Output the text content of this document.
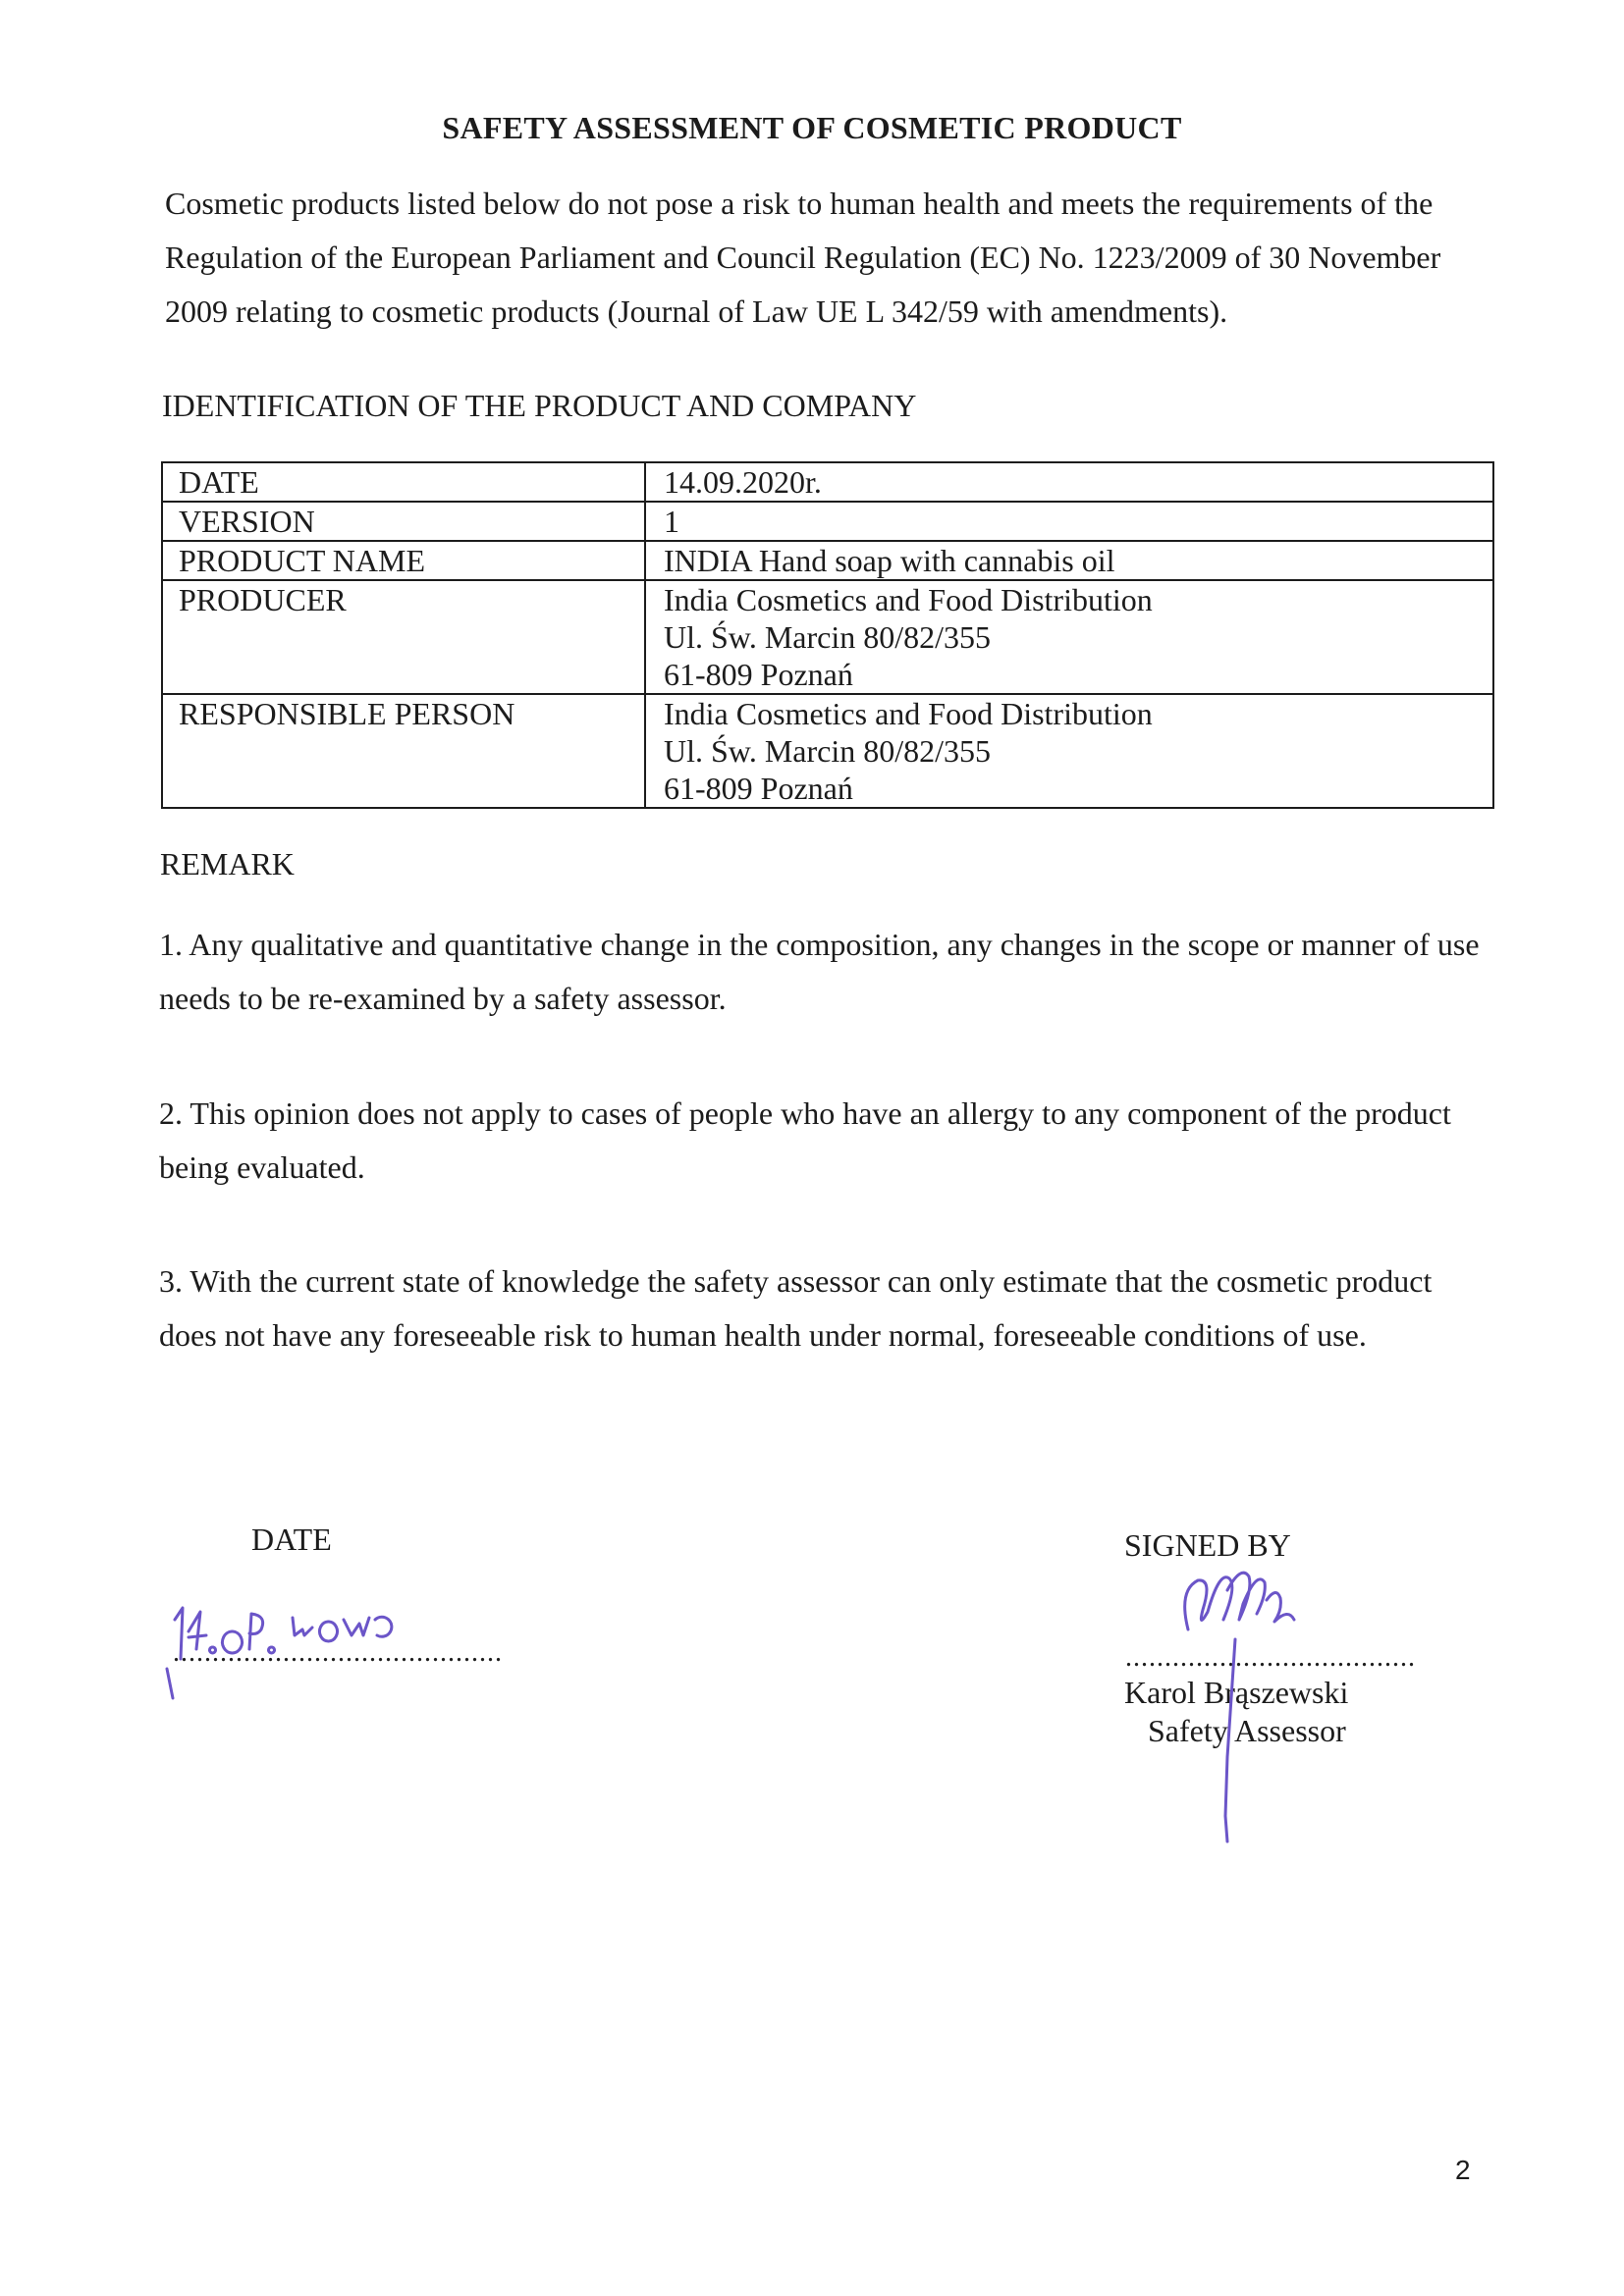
SAFETY ASSESSMENT OF COSMETIC PRODUCT

Cosmetic products listed below do not pose a risk to human health and meets the requirements of the Regulation of the European Parliament and Council Regulation (EC) No. 1223/2009 of 30 November 2009 relating to cosmetic products (Journal of Law UE L 342/59 with amendments).

IDENTIFICATION OF THE PRODUCT AND COMPANY
DATE	14.09.2020r.

VERSION	1

PRODUCT NAME	INDIA Hand soap with cannabis oil

PRODUCER	India Cosmetics and Food Distribution
Ul. Św. Marcin 80/82/355
61-809 Poznań

RESPONSIBLE PERSON	India Cosmetics and Food Distribution
Ul. Św. Marcin 80/82/355
61-809 Poznań
REMARK

1. Any qualitative and quantitative change in the composition, any changes in the scope or manner of use needs to be re-examined by a safety assessor.

2. This opinion does not apply to cases of people who have an allergy to any component of the product being evaluated.

3. With the current state of knowledge the safety assessor can only estimate that the cosmetic product does not have any foreseeable risk to human health under normal, foreseeable conditions of use.

DATE	SIGNED BY
..........................................	.....................................
Karol Brąszewski
Safety Assessor
2
